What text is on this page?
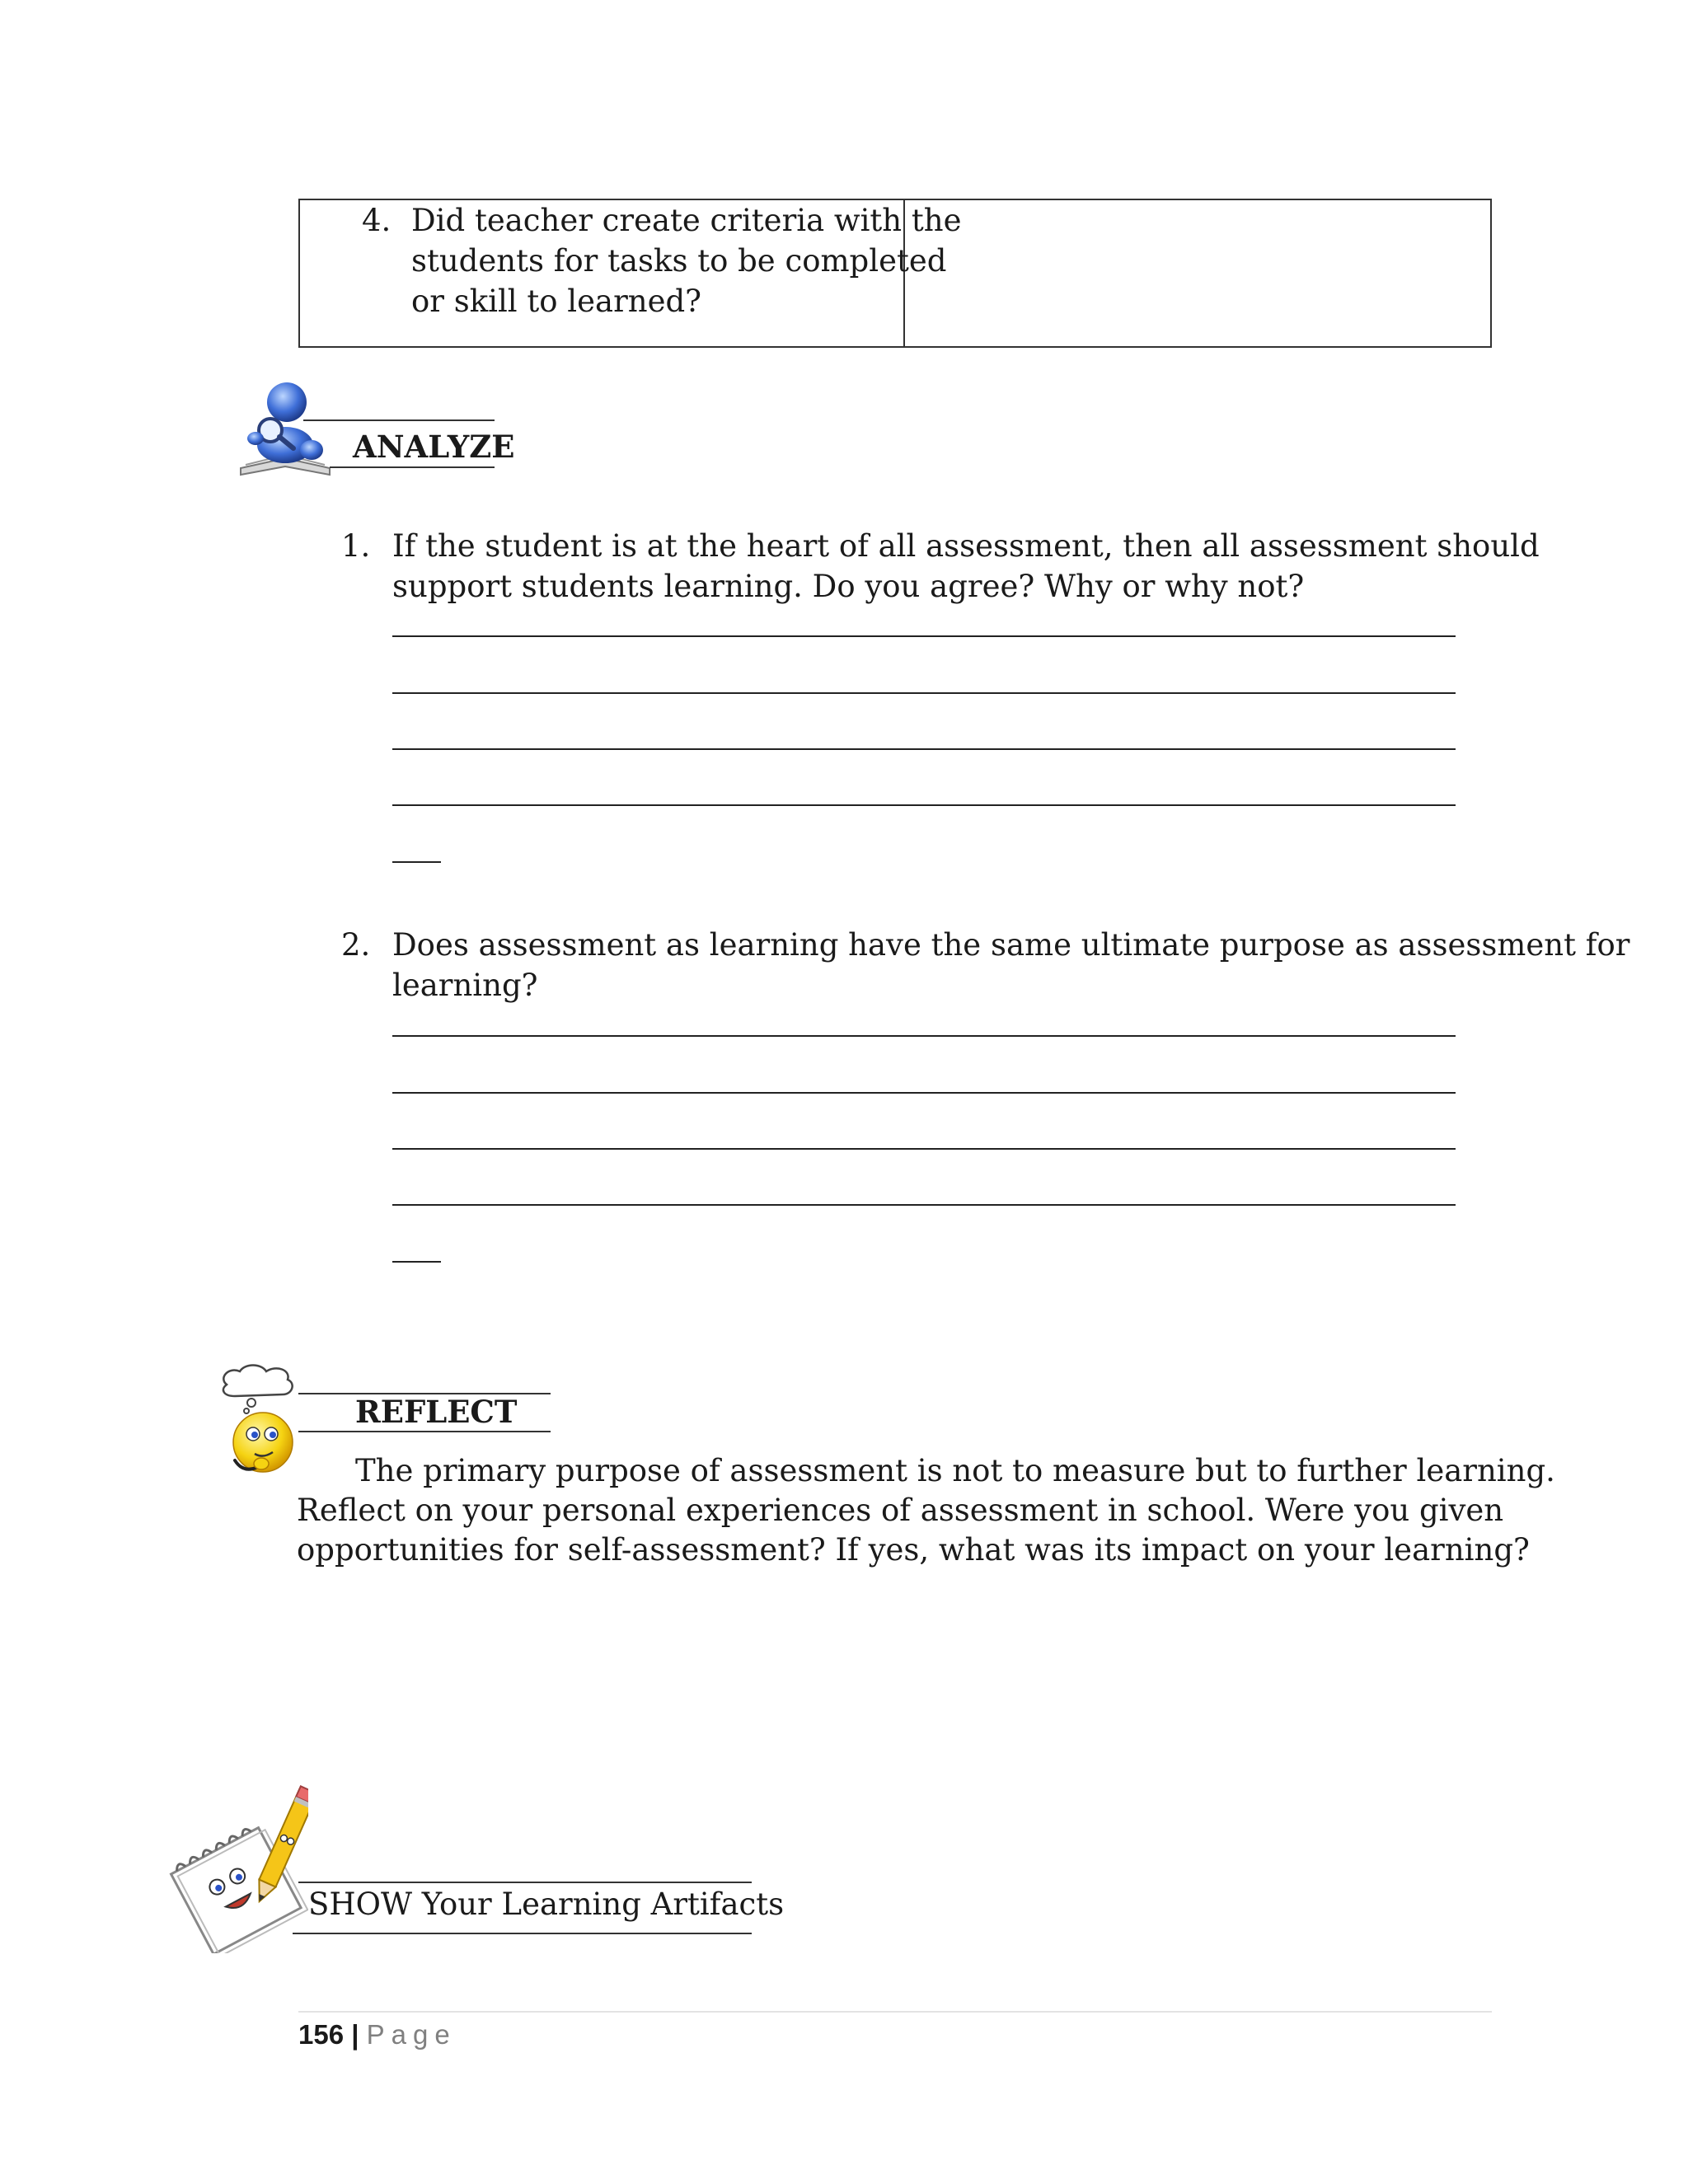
4. Did teacher create criteria with the
students for tasks to be completed
or skill to learned?
ANALYZE
1. If the student is at the heart of all assessment, then all assessment should
support students learning. Do you agree? Why or why not?
2. Does assessment as learning have the same ultimate purpose as assessment for
learning?
REFLECT
The primary purpose of assessment is not to measure but to further learning.
Reflect on your personal experiences of assessment in school. Were you given
opportunities for self-assessment? If yes, what was its impact on your learning?
SHOW Your Learning Artifacts
156 | Page
